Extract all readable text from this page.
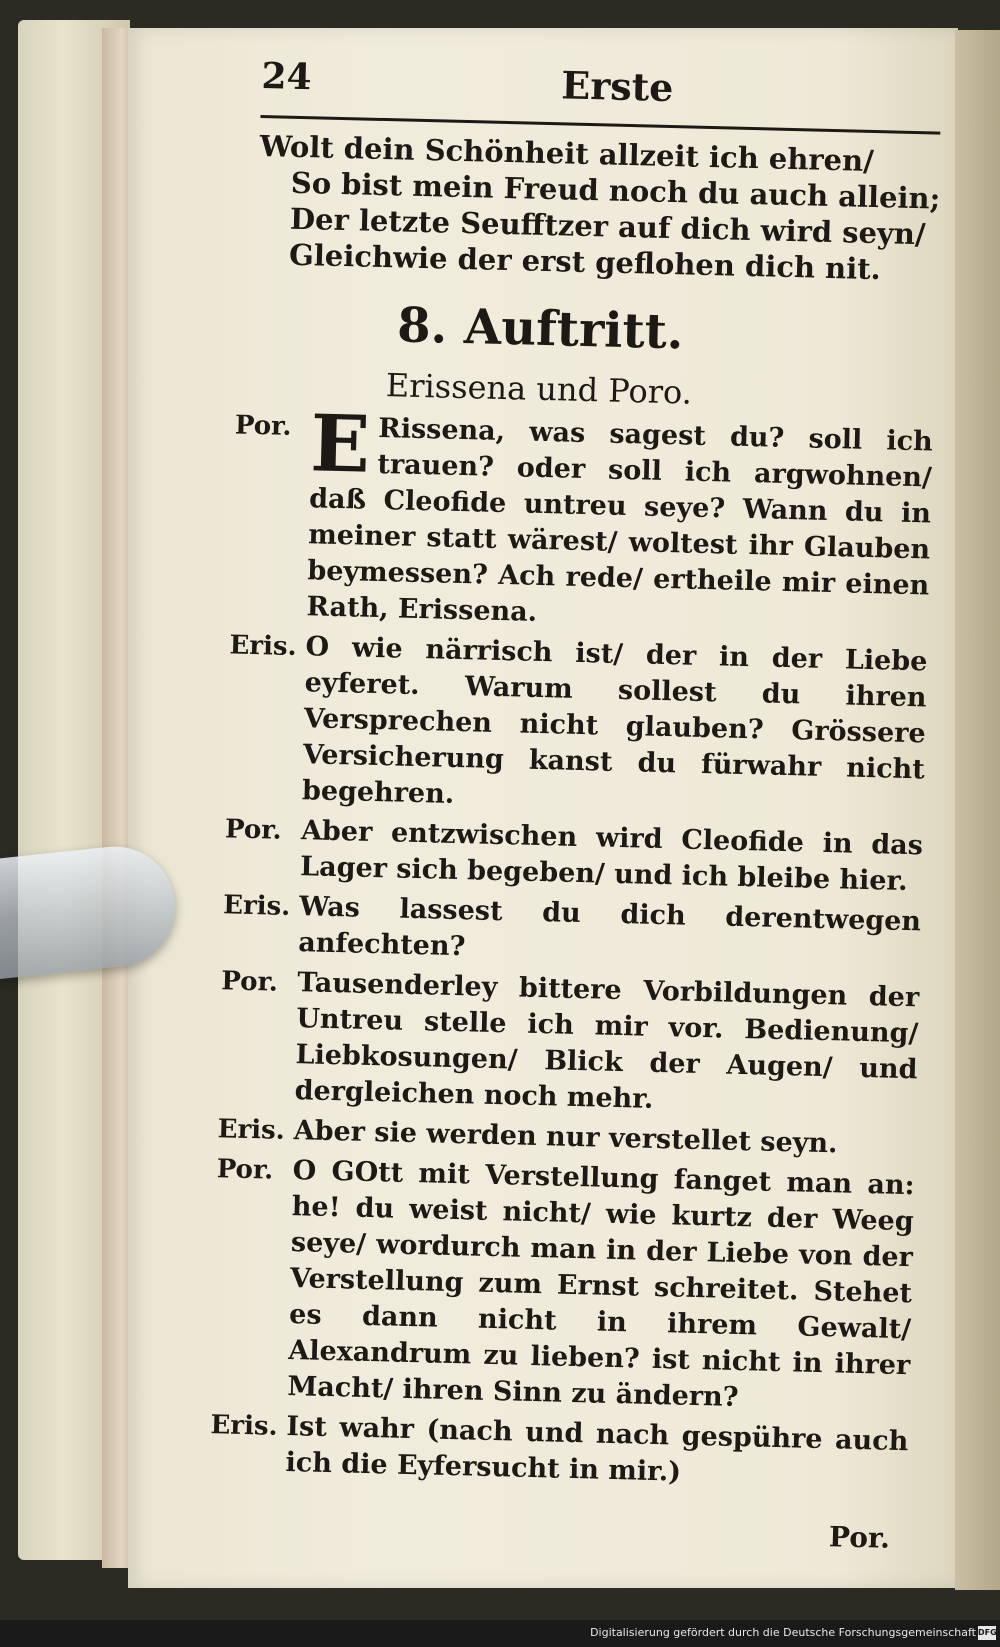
24	Erste
Wolt dein Schönheit allzeit ich ehren/
So bist mein Freud noch du auch allein;
Der letzte Seufftzer auf dich wird seyn/
Gleichwie der erst geflohen dich nit.
8. Auftritt.
Erissena und Poro.
Por. E Rissena, was sagest du? soll ich trauen? oder soll ich argwohnen/ daß Cleofide untreu seye? Wann du in meiner statt wärest/ woltest ihr Glauben beymessen? Ach rede/ ertheile mir einen Rath, Erissena.
Eris. O wie närrisch ist/ der in der Liebe eyferet. Warum sollest du ihren Versprechen nicht glauben? Grössere Versicherung kanst du fürwahr nicht begehren.
Por. Aber entzwischen wird Cleofide in das Lager sich begeben/ und ich bleibe hier.
Eris. Was lassest du dich derentwegen anfechten?
Por. Tausenderley bittere Vorbildungen der Untreu stelle ich mir vor. Bedienung/ Liebkosungen/ Blick der Augen/ und dergleichen noch mehr.
Eris. Aber sie werden nur verstellet seyn.
Por. O GOtt mit Verstellung fanget man an: he! du weist nicht/ wie kurtz der Weeg seye/ wordurch man in der Liebe von der Verstellung zum Ernst schreitet. Stehet es dann nicht in ihrem Gewalt/ Alexandrum zu lieben? ist nicht in ihrer Macht/ ihren Sinn zu ändern?
Eris. Ist wahr (nach und nach gespühre auch ich die Eyfersucht in mir.)
Por.
Digitalisierung gefördert durch die Deutsche Forschungsgemeinschaft DFG
